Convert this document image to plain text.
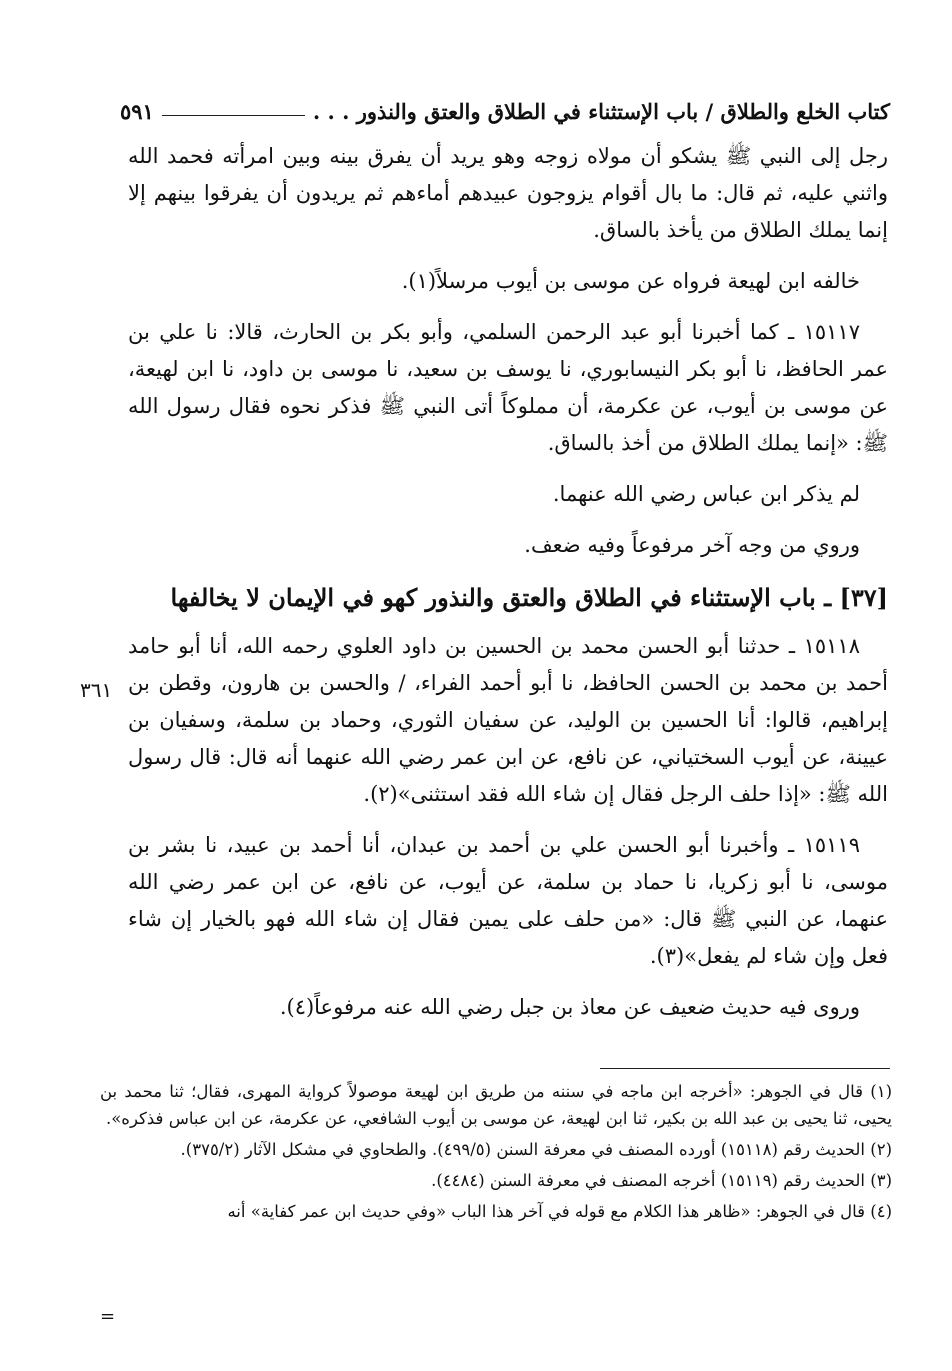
كتاب الخلع والطلاق / باب الإستثناء في الطلاق والعتق والنذور . . .
٥٩١

رجل إلى النبي ﷺ يشكو أن مولاه زوجه وهو يريد أن يفرق بينه وبين امرأته فحمد الله واثني عليه، ثم قال: ما بال أقوام يزوجون عبيدهم أماءهم ثم يريدون أن يفرقوا بينهم إلا إنما يملك الطلاق من يأخذ بالساق.

خالفه ابن لهيعة فرواه عن موسى بن أيوب مرسلاً(١).

١٥١١٧ ـ كما أخبرنا أبو عبد الرحمن السلمي، وأبو بكر بن الحارث، قالا: نا علي بن عمر الحافظ، نا أبو بكر النيسابوري، نا يوسف بن سعيد، نا موسى بن داود، نا ابن لهيعة، عن موسى بن أيوب، عن عكرمة، أن مملوكاً أتى النبي ﷺ فذكر نحوه فقال رسول الله ﷺ: «إنما يملك الطلاق من أخذ بالساق.

لم يذكر ابن عباس رضي الله عنهما.

وروي من وجه آخر مرفوعاً وفيه ضعف.

[٣٧] ـ باب الإستثناء في الطلاق والعتق والنذور كهو في الإيمان لا يخالفها

١٥١١٨ ـ حدثنا أبو الحسن محمد بن الحسين بن داود العلوي رحمه الله، أنا أبو حامد أحمد بن محمد بن الحسن الحافظ، نا أبو أحمد الفراء، / والحسن بن هارون، وقطن بن إبراهيم، قالوا: أنا الحسين بن الوليد، عن سفيان الثوري، وحماد بن سلمة، وسفيان بن عيينة، عن أيوب السختياني، عن نافع، عن ابن عمر رضي الله عنهما أنه قال: قال رسول الله ﷺ: «إذا حلف الرجل فقال إن شاء الله فقد استثنى»(٢).

١٥١١٩ ـ وأخبرنا أبو الحسن علي بن أحمد بن عبدان، أنا أحمد بن عبيد، نا بشر بن موسى، نا أبو زكريا، نا حماد بن سلمة، عن أيوب، عن نافع، عن ابن عمر رضي الله عنهما، عن النبي ﷺ قال: «من حلف على يمين فقال إن شاء الله فهو بالخيار إن شاء فعل وإن شاء لم يفعل»(٣).

وروى فيه حديث ضعيف عن معاذ بن جبل رضي الله عنه مرفوعاً(٤).

٣٦١

(١) قال في الجوهر: «أخرجه ابن ماجه في سننه من طريق ابن لهيعة موصولاً كرواية المهرى، فقال؛ ثنا محمد بن يحيى، ثنا يحيى بن عبد الله بن بكير، ثنا ابن لهيعة، عن موسى بن أيوب الشافعي، عن عكرمة، عن ابن عباس فذكره».

(٢) الحديث رقم (١٥١١٨) أورده المصنف في معرفة السنن (٤٩٩/٥). والطحاوي في مشكل الآثار (٣٧٥/٢).

(٣) الحديث رقم (١٥١١٩) أخرجه المصنف في معرفة السنن (٤٤٨٤).

(٤) قال في الجوهر: «ظاهر هذا الكلام مع قوله في آخر هذا الباب «وفي حديث ابن عمر كفاية» أنه

=
